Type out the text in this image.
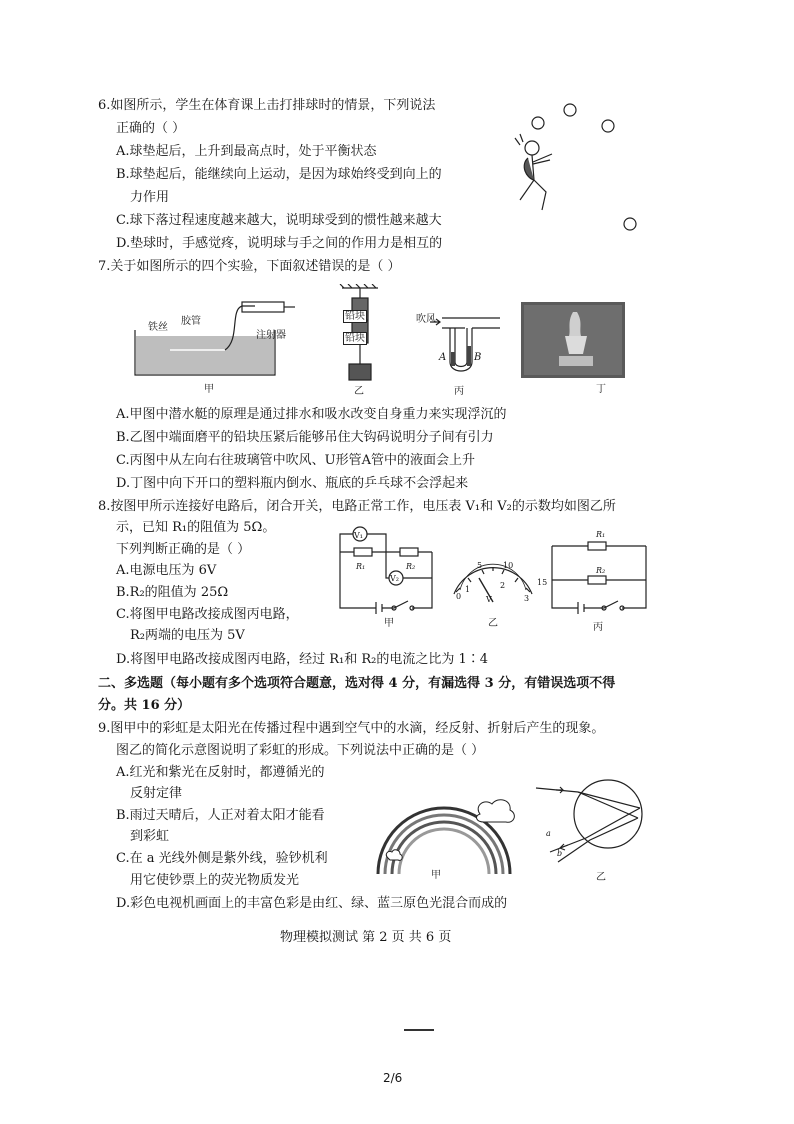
6.如图所示，学生在体育课上击打排球时的情景，下列说法
正确的（ ）
A.球垫起后，上升到最高点时，处于平衡状态
B.球垫起后，能继续向上运动，是因为球始终受到向上的
力作用
C.球下落过程速度越来越大，说明球受到的惯性越来越大
D.垫球时，手感觉疼，说明球与手之间的作用力是相互的
7.关于如图所示的四个实验，下面叙述错误的是（ ）
铁丝
胶管
注射器
甲
铅块
铅块
乙
吹风
A	B
丙	丁
A.甲图中潜水艇的原理是通过排水和吸水改变自身重力来实现浮沉的
B.乙图中端面磨平的铅块压紧后能够吊住大钩码说明分子间有引力
C.丙图中从左向右往玻璃管中吹风、U形管A管中的液面会上升
D.丁图中向下开口的塑料瓶内倒水、瓶底的乒乓球不会浮起来
8.按图甲所示连接好电路后，闭合开关，电路正常工作，电压表 V₁和 V₂的示数均如图乙所
示，已知 R₁的阻值为 5Ω。
下列判断正确的是（ ）
A.电源电压为 6V
B.R₂的阻值为 25Ω
C.将图甲电路改接成图丙电路，
R₂两端的电压为 5V
D.将图甲电路改接成图丙电路，经过 R₁和 R₂的电流之比为 1∶4
V₁
V₂
R₁	R₂
甲
0
5	10
15
1	2
3
V
乙
R₁
R₂
丙
二、多选题（每小题有多个选项符合题意，选对得 4 分，有漏选得 3 分，有错误选项不得
分。共 16 分）
9.图甲中的彩虹是太阳光在传播过程中遇到空气中的水滴，经反射、折射后产生的现象。
图乙的简化示意图说明了彩虹的形成。下列说法中正确的是（ ）
A.红光和紫光在反射时，都遵循光的
反射定律
B.雨过天晴后，人正对着太阳才能看
到彩虹
C.在 a 光线外侧是紫外线，验钞机利
用它使钞票上的荧光物质发光
D.彩色电视机画面上的丰富色彩是由红、绿、蓝三原色光混合而成的
甲
a
b
乙
物理模拟测试 第 2 页 共 6 页
2/6
